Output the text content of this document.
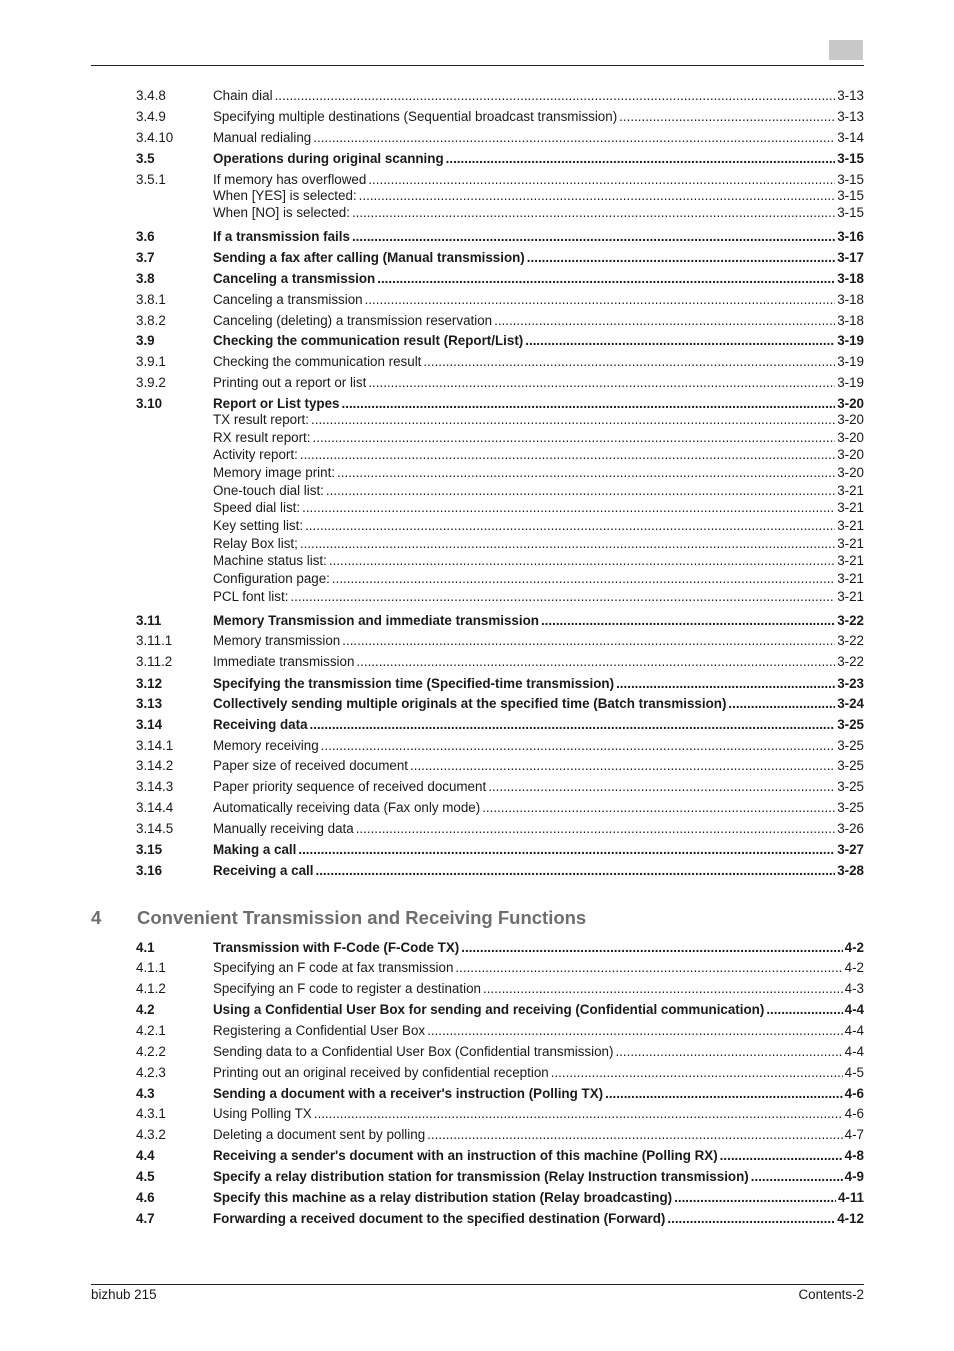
3.4.8	Chain dial .....	3-13
3.4.9	Specifying multiple destinations (Sequential broadcast transmission) .....	3-13
3.4.10	Manual redialing .....	3-14
3.5	Operations during original scanning .....	3-15
3.5.1	If memory has overflowed .....	3-15
When [YES] is selected: .....	3-15
When [NO] is selected: .....	3-15
3.6	If a transmission fails .....	3-16
3.7	Sending a fax after calling (Manual transmission) .....	3-17
3.8	Canceling a transmission .....	3-18
3.8.1	Canceling a transmission .....	3-18
3.8.2	Canceling (deleting) a transmission reservation .....	3-18
3.9	Checking the communication result (Report/List) .....	3-19
3.9.1	Checking the communication result .....	3-19
3.9.2	Printing out a report or list .....	3-19
3.10	Report or List types .....	3-20
TX result report: .....	3-20
RX result report: .....	3-20
Activity report: .....	3-20
Memory image print: .....	3-20
One-touch dial list: .....	3-21
Speed dial list: .....	3-21
Key setting list: .....	3-21
Relay Box list; .....	3-21
Machine status list: .....	3-21
Configuration page: .....	3-21
PCL font list: .....	3-21
3.11	Memory Transmission and immediate transmission .....	3-22
3.11.1	Memory transmission .....	3-22
3.11.2	Immediate transmission .....	3-22
3.12	Specifying the transmission time (Specified-time transmission) .....	3-23
3.13	Collectively sending multiple originals at the specified time (Batch transmission) .....	3-24
3.14	Receiving data .....	3-25
3.14.1	Memory receiving .....	3-25
3.14.2	Paper size of received document .....	3-25
3.14.3	Paper priority sequence of received document .....	3-25
3.14.4	Automatically receiving data (Fax only mode) .....	3-25
3.14.5	Manually receiving data .....	3-26
3.15	Making a call .....	3-27
3.16	Receiving a call .....	3-28
4	Convenient Transmission and Receiving Functions
4.1	Transmission with F-Code (F-Code TX) .....	4-2
4.1.1	Specifying an F code at fax transmission .....	4-2
4.1.2	Specifying an F code to register a destination .....	4-3
4.2	Using a Confidential User Box for sending and receiving (Confidential communication) .....	4-4
4.2.1	Registering a Confidential User Box .....	4-4
4.2.2	Sending data to a Confidential User Box (Confidential transmission) .....	4-4
4.2.3	Printing out an original received by confidential reception .....	4-5
4.3	Sending a document with a receiver's instruction (Polling TX) .....	4-6
4.3.1	Using Polling TX .....	4-6
4.3.2	Deleting a document sent by polling .....	4-7
4.4	Receiving a sender's document with an instruction of this machine (Polling RX) .....	4-8
4.5	Specify a relay distribution station for transmission (Relay Instruction transmission) .....	4-9
4.6	Specify this machine as a relay distribution station (Relay broadcasting) .....	4-11
4.7	Forwarding a received document to the specified destination (Forward) .....	4-12
bizhub 215	Contents-2
